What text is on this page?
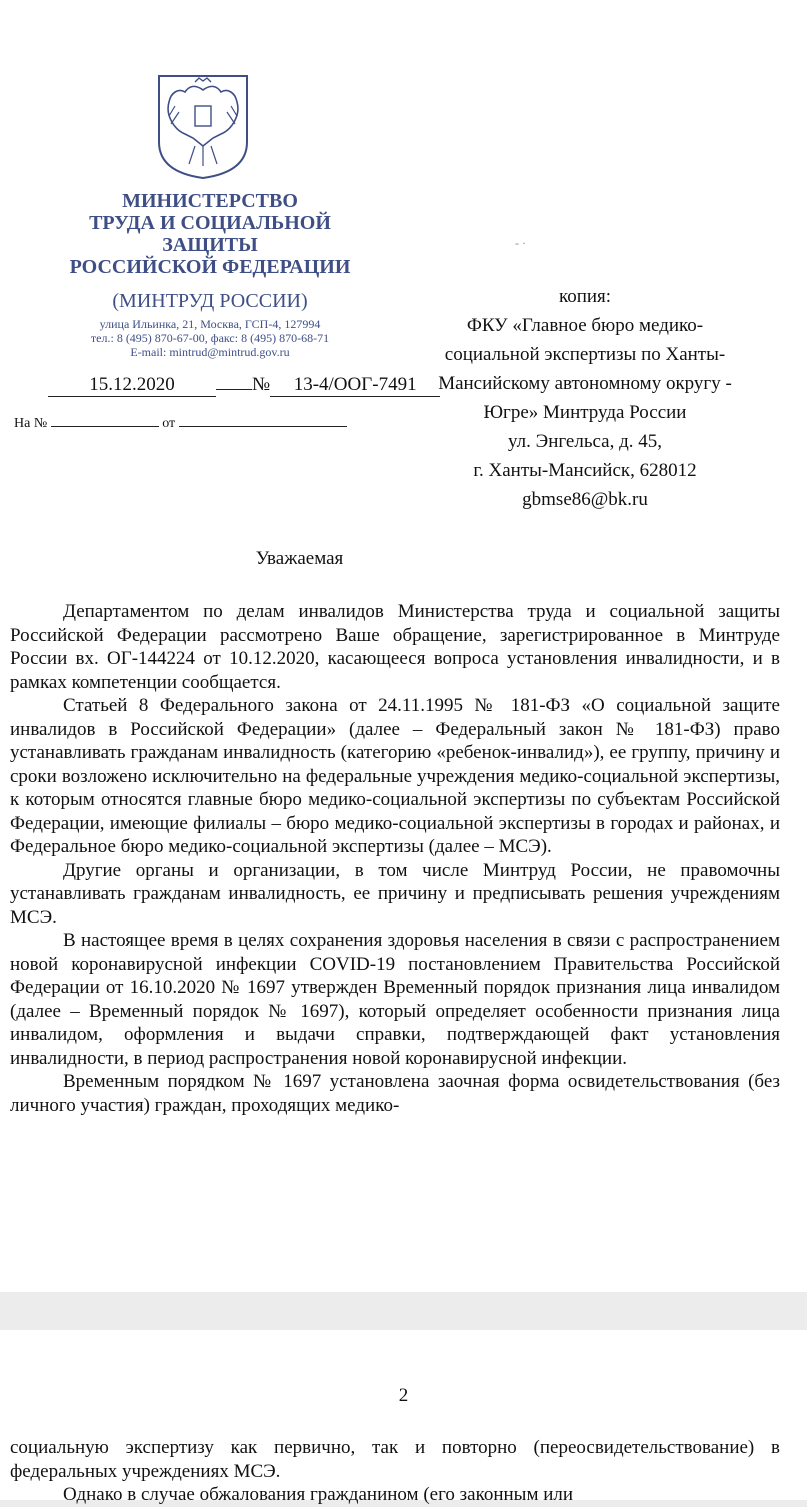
МИНИСТЕРСТВО
ТРУДА И СОЦИАЛЬНОЙ
ЗАЩИТЫ
РОССИЙСКОЙ ФЕДЕРАЦИИ
(МИНТРУД РОССИИ)
улица Ильинка, 21, Москва, ГСП-4, 127994
тел.: 8 (495) 870-67-00, факс: 8 (495) 870-68-71
E-mail: mintrud@mintrud.gov.ru
15.12.2020	№ 13-4/ООГ-7491
На №	от
- ·
копия:
ФКУ «Главное бюро медико-
социальной экспертизы по Ханты-
Мансийскому автономному округу -
Югре» Минтруда России
ул. Энгельса, д. 45,
г. Ханты-Мансийск, 628012
gbmse86@bk.ru
Уважаемая

Департаментом по делам инвалидов Министерства труда и социальной защиты Российской Федерации рассмотрено Ваше обращение, зарегистрированное в Минтруде России вх. ОГ-144224 от 10.12.2020, касающееся вопроса установления инвалидности, и в рамках компетенции сообщается.

Статьей 8 Федерального закона от 24.11.1995 № 181-ФЗ «О социальной защите инвалидов в Российской Федерации» (далее – Федеральный закон № 181-ФЗ) право устанавливать гражданам инвалидность (категорию «ребенок-инвалид»), ее группу, причину и сроки возложено исключительно на федеральные учреждения медико-социальной экспертизы, к которым относятся главные бюро медико-социальной экспертизы по субъектам Российской Федерации, имеющие филиалы – бюро медико-социальной экспертизы в городах и районах, и Федеральное бюро медико-социальной экспертизы (далее – МСЭ).

Другие органы и организации, в том числе Минтруд России, не правомочны устанавливать гражданам инвалидность, ее причину и предписывать решения учреждениям МСЭ.

В настоящее время в целях сохранения здоровья населения в связи с распространением новой коронавирусной инфекции COVID-19 постановлением Правительства Российской Федерации от 16.10.2020 № 1697 утвержден Временный порядок признания лица инвалидом (далее – Временный порядок № 1697), который определяет особенности признания лица инвалидом, оформления и выдачи справки, подтверждающей факт установления инвалидности, в период распространения новой коронавирусной инфекции.

Временным порядком № 1697 установлена заочная форма освидетельствования (без личного участия) граждан, проходящих медико-

2

социальную экспертизу как первично, так и повторно (переосвидетельствование) в федеральных учреждениях МСЭ.

Однако в случае обжалования гражданином (его законным или
